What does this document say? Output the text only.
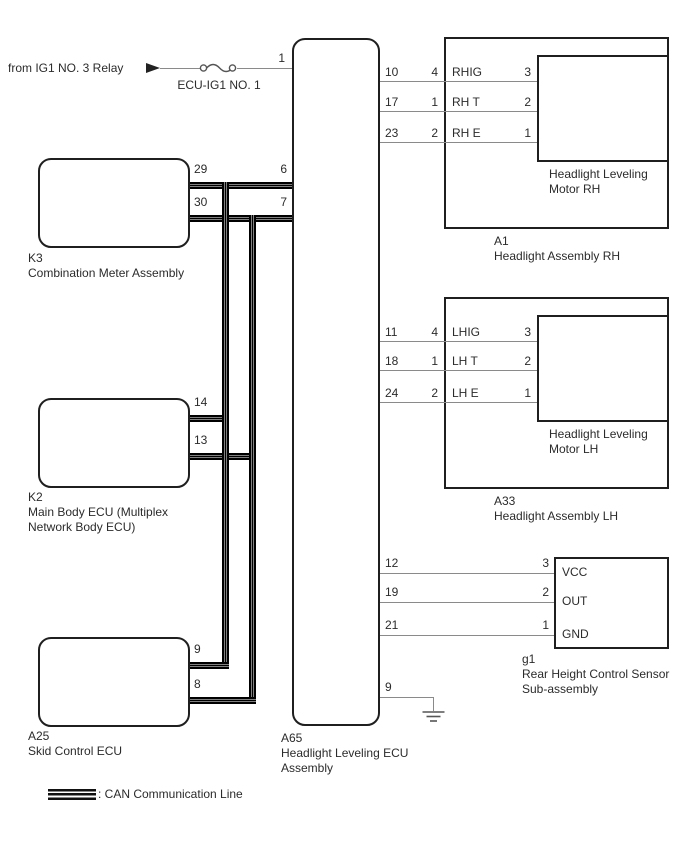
from IG1 NO. 3 Relay
ECU-IG1 NO. 1
1
A65
Headlight Leveling ECU
Assembly
29
30
6
7
K3
Combination Meter Assembly
14
13
K2
Main Body ECU (Multiplex
Network Body ECU)
9
8
A25
Skid Control ECU
10
17
23
4
1
2
RHIG
RH T
RH E
3
2
1
Headlight Leveling
Motor RH
A1
Headlight Assembly RH
11
18
24
4
1
2
LHIG
LH T
LH E
3
2
1
Headlight Leveling
Motor LH
A33
Headlight Assembly LH
12
19
21
3
2
1
VCC
OUT
GND
g1
Rear Height Control Sensor
Sub-assembly
9
: CAN Communication Line
